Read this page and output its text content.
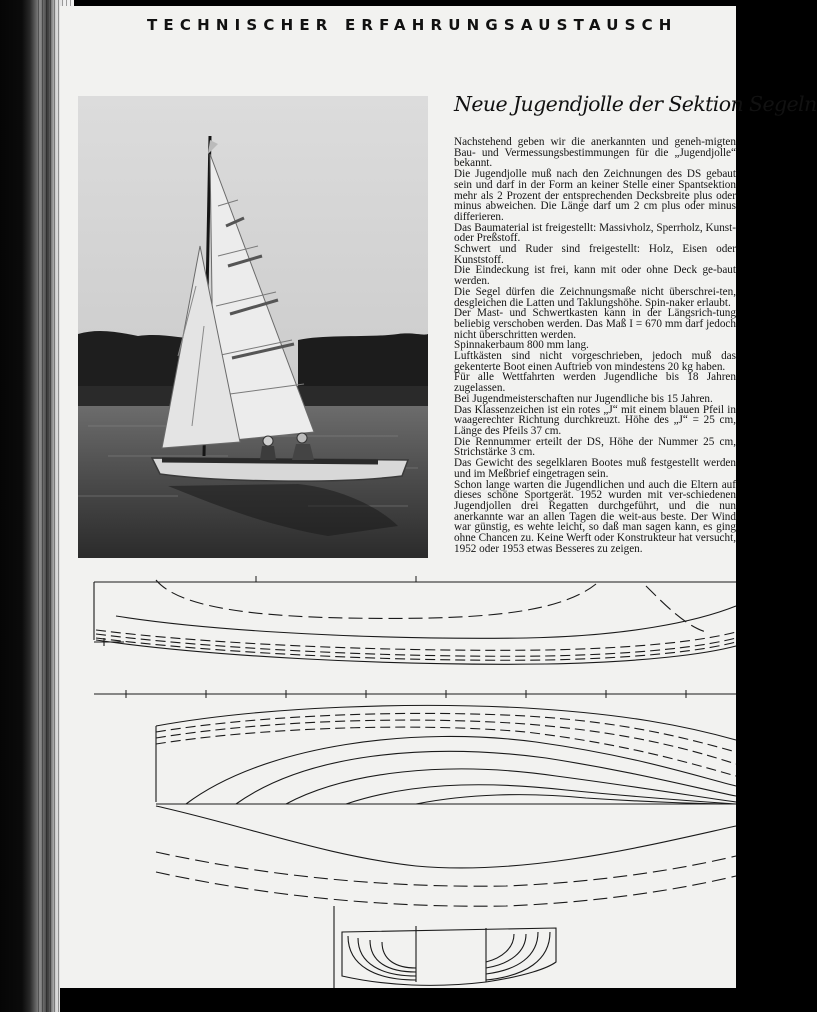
TECHNISCHER ERFAHRUNGSAUSTAUSCH
Neue Jugendjolle der Sektion Segeln

Nachstehend geben wir die anerkannten und geneh-migten Bau- und Vermessungsbestimmungen für die „Jugendjolle“ bekannt.

Die Jugendjolle muß nach den Zeichnungen des DS gebaut sein und darf in der Form an keiner Stelle einer Spantsektion mehr als 2 Prozent der entsprechenden Decksbreite plus oder minus abweichen. Die Länge darf um 2 cm plus oder minus differieren.

Das Baumaterial ist freigestellt: Massivholz, Sperrholz, Kunst- oder Preßstoff.

Schwert und Ruder sind freigestellt: Holz, Eisen oder Kunststoff.

Die Eindeckung ist frei, kann mit oder ohne Deck ge-baut werden.

Die Segel dürfen die Zeichnungsmaße nicht überschrei-ten, desgleichen die Latten und Taklungshöhe. Spin-naker erlaubt.

Der Mast- und Schwertkasten kann in der Längsrich-tung beliebig verschoben werden. Das Maß I = 670 mm darf jedoch nicht überschritten werden.

Spinnakerbaum 800 mm lang.

Luftkästen sind nicht vorgeschrieben, jedoch muß das gekenterte Boot einen Auftrieb von mindestens 20 kg haben.

Für alle Wettfahrten werden Jugendliche bis 18 Jahren zugelassen.

Bei Jugendmeisterschaften nur Jugendliche bis 15 Jahren.

Das Klassenzeichen ist ein rotes „J“ mit einem blauen Pfeil in waagerechter Richtung durchkreuzt. Höhe des „J“ = 25 cm, Länge des Pfeils 37 cm.

Die Rennummer erteilt der DS, Höhe der Nummer 25 cm, Strichstärke 3 cm.

Das Gewicht des segelklaren Bootes muß festgestellt werden und im Meßbrief eingetragen sein.

Schon lange warten die Jugendlichen und auch die Eltern auf dieses schöne Sportgerät. 1952 wurden mit ver-schiedenen Jugendjollen drei Regatten durchgeführt, und die nun anerkannte war an allen Tagen die weit-aus beste. Der Wind war günstig, es wehte leicht, so daß man sagen kann, es ging ohne Chancen zu. Keine Werft oder Konstrukteur hat versucht, 1952 oder 1953 etwas Besseres zu zeigen.
